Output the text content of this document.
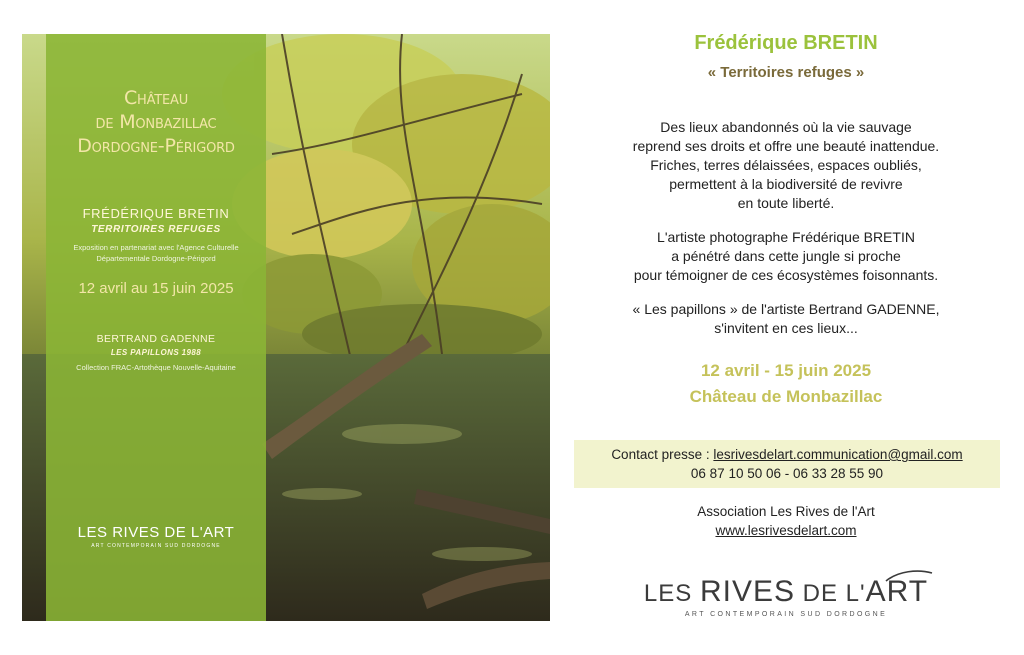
Château
de Monbazillac
Dordogne-Périgord
FRÉDÉRIQUE BRETIN
TERRITOIRES REFUGES
Exposition en partenariat avec l'Agence Culturelle
Départementale Dordogne-Périgord
12 avril au 15 juin 2025
BERTRAND GADENNE
LES PAPILLONS 1988
Collection FRAC-Artothèque Nouvelle-Aquitaine
LES RIVES DE L'ART
ART CONTEMPORAIN SUD DORDOGNE
Frédérique BRETIN
« Territoires refuges »
Des lieux abandonnés où la vie sauvage
reprend ses droits et offre une beauté inattendue.
Friches, terres délaissées, espaces oubliés,
permettent à la biodiversité de revivre
en toute liberté.
L'artiste photographe Frédérique BRETIN
a pénétré dans cette jungle si proche
pour témoigner de ces écosystèmes foisonnants.
« Les papillons » de l'artiste Bertrand GADENNE,
s'invitent en ces lieux...
12 avril - 15 juin 2025
Château de Monbazillac
Contact presse : lesrivesdelart.communication@gmail.com
06 87 10 50 06 - 06 33 28 55 90
Association Les Rives de l'Art
www.lesrivesdelart.com
LES RIVES DE L'ART
ART CONTEMPORAIN SUD DORDOGNE
